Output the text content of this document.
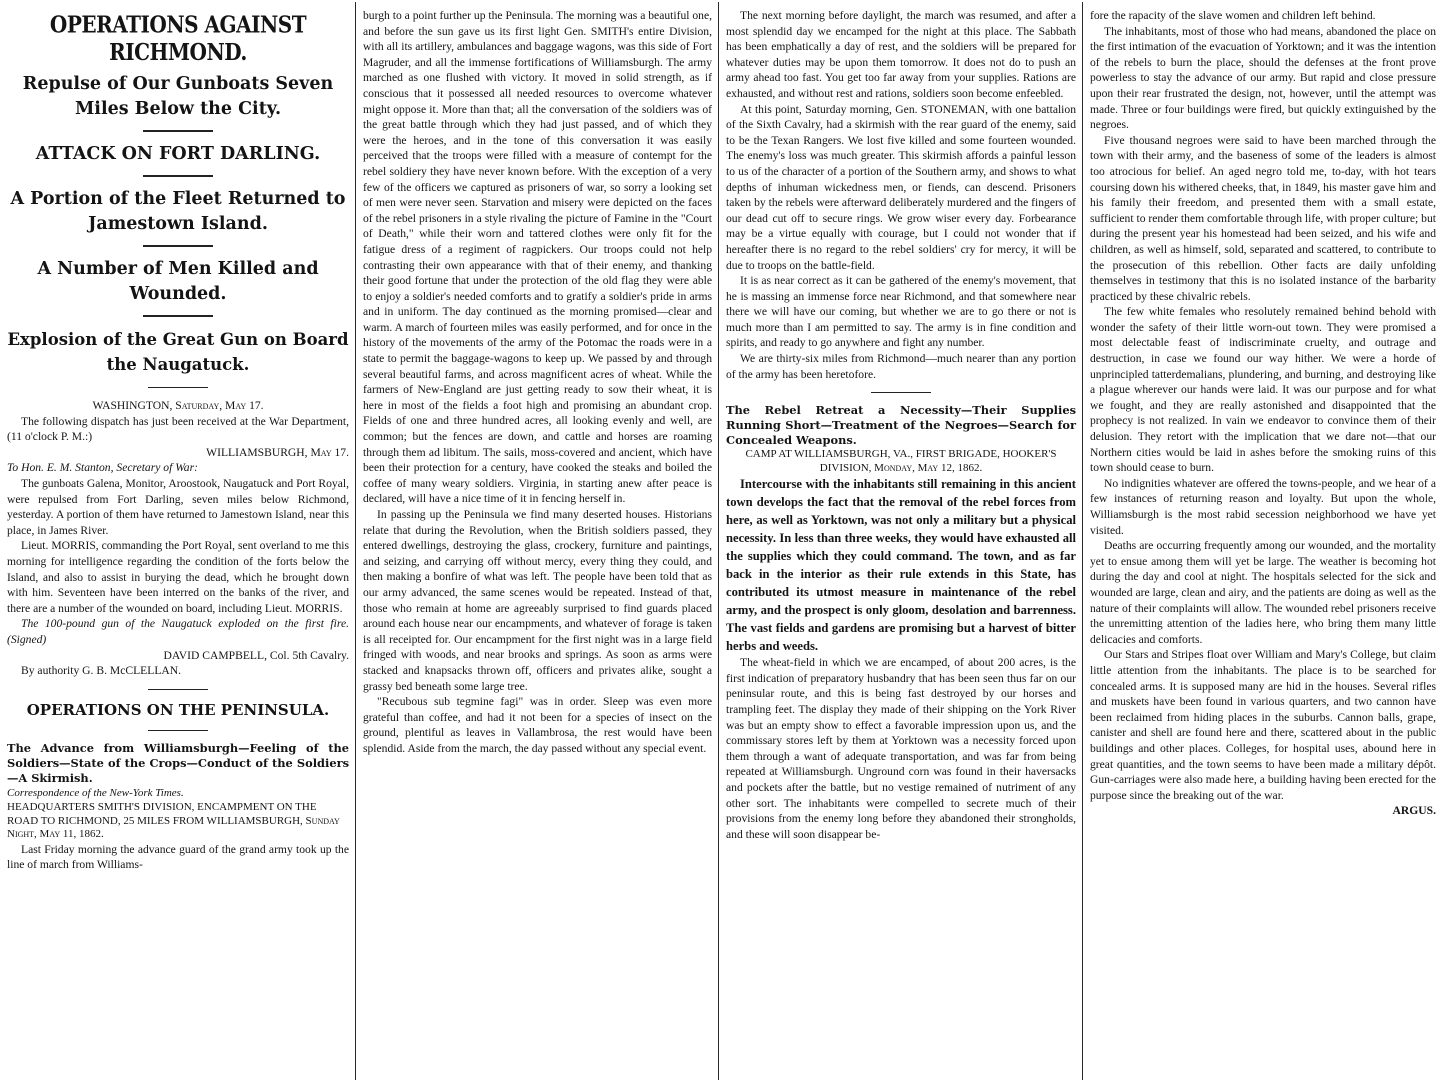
OPERATIONS AGAINST RICHMOND.
Repulse of Our Gunboats Seven Miles Below the City.
ATTACK ON FORT DARLING.
A Portion of the Fleet Returned to Jamestown Island.
A Number of Men Killed and Wounded.
Explosion of the Great Gun on Board the Naugatuck.

WASHINGTON, Saturday, May 17.

The following dispatch has just been received at the War Department, (11 o'clock P. M.:)

WILLIAMSBURGH, May 17.

To Hon. E. M. Stanton, Secretary of War:

The gunboats Galena, Monitor, Aroostook, Naugatuck and Port Royal, were repulsed from Fort Darling, seven miles below Richmond, yesterday. A portion of them have returned to Jamestown Island, near this place, in James River.

Lieut. MORRIS, commanding the Port Royal, sent overland to me this morning for intelligence regarding the condition of the forts below the Island, and also to assist in burying the dead, which he brought down with him. Seventeen have been interred on the banks of the river, and there are a number of the wounded on board, including Lieut. MORRIS.

The 100-pound gun of the Naugatuck exploded on the first fire. (Signed)

DAVID CAMPBELL, Col. 5th Cavalry.

By authority G. B. McCLELLAN.

OPERATIONS ON THE PENINSULA.

The Advance from Williamsburgh—Feeling of the Soldiers—State of the Crops—Conduct of the Soldiers—A Skirmish.

Correspondence of the New-York Times.

HEADQUARTERS SMITH'S DIVISION, ENCAMPMENT ON THE ROAD TO RICHMOND, 25 MILES FROM WILLIAMSBURGH, Sunday Night, May 11, 1862.

Last Friday morning the advance guard of the grand army took up the line of march from Williams-

burgh to a point further up the Peninsula. The morning was a beautiful one, and before the sun gave us its first light Gen. SMITH's entire Division, with all its artillery, ambulances and baggage wagons, was this side of Fort Magruder, and all the immense fortifications of Williamsburgh. The army marched as one flushed with victory. It moved in solid strength, as if conscious that it possessed all needed resources to overcome whatever might oppose it. More than that; all the conversation of the soldiers was of the great battle through which they had just passed, and of which they were the heroes, and in the tone of this conversation it was easily perceived that the troops were filled with a measure of contempt for the rebel soldiery they have never known before. With the exception of a very few of the officers we captured as prisoners of war, so sorry a looking set of men were never seen. Starvation and misery were depicted on the faces of the rebel prisoners in a style rivaling the picture of Famine in the "Court of Death," while their worn and tattered clothes were only fit for the fatigue dress of a regiment of ragpickers. Our troops could not help contrasting their own appearance with that of their enemy, and thanking their good fortune that under the protection of the old flag they were able to enjoy a soldier's needed comforts and to gratify a soldier's pride in arms and in uniform. The day continued as the morning promised—clear and warm. A march of fourteen miles was easily performed, and for once in the history of the movements of the army of the Potomac the roads were in a state to permit the baggage-wagons to keep up. We passed by and through several beautiful farms, and across magnificent acres of wheat. While the farmers of New-England are just getting ready to sow their wheat, it is here in most of the fields a foot high and promising an abundant crop. Fields of one and three hundred acres, all looking evenly and well, are common; but the fences are down, and cattle and horses are roaming through them ad libitum. The sails, moss-covered and ancient, which have been their protection for a century, have cooked the steaks and boiled the coffee of many weary soldiers. Virginia, in starting anew after peace is declared, will have a nice time of it in fencing herself in.

In passing up the Peninsula we find many deserted houses. Historians relate that during the Revolution, when the British soldiers passed, they entered dwellings, destroying the glass, crockery, furniture and paintings, and seizing, and carrying off without mercy, every thing they could, and then making a bonfire of what was left. The people have been told that as our army advanced, the same scenes would be repeated. Instead of that, those who remain at home are agreeably surprised to find guards placed around each house near our encampments, and whatever of forage is taken is all receipted for. Our encampment for the first night was in a large field fringed with woods, and near brooks and springs. As soon as arms were stacked and knapsacks thrown off, officers and privates alike, sought a grassy bed beneath some large tree.

"Recubous sub tegmine fagi" was in order. Sleep was even more grateful than coffee, and had it not been for a species of insect on the ground, plentiful as leaves in Vallambrosa, the rest would have been splendid. Aside from the march, the day passed without any special event.

The next morning before daylight, the march was resumed, and after a most splendid day we encamped for the night at this place. The Sabbath has been emphatically a day of rest, and the soldiers will be prepared for whatever duties may be upon them tomorrow. It does not do to push an army ahead too fast. You get too far away from your supplies. Rations are exhausted, and without rest and rations, soldiers soon become enfeebled.

At this point, Saturday morning, Gen. STONEMAN, with one battalion of the Sixth Cavalry, had a skirmish with the rear guard of the enemy, said to be the Texan Rangers. We lost five killed and some fourteen wounded. The enemy's loss was much greater. This skirmish affords a painful lesson to us of the character of a portion of the Southern army, and shows to what depths of inhuman wickedness men, or fiends, can descend. Prisoners taken by the rebels were afterward deliberately murdered and the fingers of our dead cut off to secure rings. We grow wiser every day. Forbearance may be a virtue equally with courage, but I could not wonder that if hereafter there is no regard to the rebel soldiers' cry for mercy, it will be due to troops on the battle-field.

It is as near correct as it can be gathered of the enemy's movement, that he is massing an immense force near Richmond, and that somewhere near there we will have our coming, but whether we are to go there or not is much more than I am permitted to say. The army is in fine condition and spirits, and ready to go anywhere and fight any number.

We are thirty-six miles from Richmond—much nearer than any portion of the army has been heretofore.

The Rebel Retreat a Necessity—Their Supplies Running Short—Treatment of the Negroes—Search for Concealed Weapons.

CAMP AT WILLIAMSBURGH, VA., FIRST BRIGADE, HOOKER'S DIVISION, Monday, May 12, 1862.

Intercourse with the inhabitants still remaining in this ancient town develops the fact that the removal of the rebel forces from here, as well as Yorktown, was not only a military but a physical necessity. In less than three weeks, they would have exhausted all the supplies which they could command. The town, and as far back in the interior as their rule extends in this State, has contributed its utmost measure in maintenance of the rebel army, and the prospect is only gloom, desolation and barrenness. The vast fields and gardens are promising but a harvest of bitter herbs and weeds.

The wheat-field in which we are encamped, of about 200 acres, is the first indication of preparatory husbandry that has been seen thus far on our peninsular route, and this is being fast destroyed by our horses and trampling feet. The display they made of their shipping on the York River was but an empty show to effect a favorable impression upon us, and the commissary stores left by them at Yorktown was a necessity forced upon them through a want of adequate transportation, and was far from being repeated at Williamsburgh. Unground corn was found in their haversacks and pockets after the battle, but no vestige remained of nutriment of any other sort. The inhabitants were compelled to secrete much of their provisions from the enemy long before they abandoned their strongholds, and these will soon disappear be-

fore the rapacity of the slave women and children left behind.

The inhabitants, most of those who had means, abandoned the place on the first intimation of the evacuation of Yorktown; and it was the intention of the rebels to burn the place, should the defenses at the front prove powerless to stay the advance of our army. But rapid and close pressure upon their rear frustrated the design, not, however, until the attempt was made. Three or four buildings were fired, but quickly extinguished by the negroes.

Five thousand negroes were said to have been marched through the town with their army, and the baseness of some of the leaders is almost too atrocious for belief. An aged negro told me, to-day, with hot tears coursing down his withered cheeks, that, in 1849, his master gave him and his family their freedom, and presented them with a small estate, sufficient to render them comfortable through life, with proper culture; but during the present year his homestead had been seized, and his wife and children, as well as himself, sold, separated and scattered, to contribute to the prosecution of this rebellion. Other facts are daily unfolding themselves in testimony that this is no isolated instance of the barbarity practiced by these chivalric rebels.

The few white females who resolutely remained behind behold with wonder the safety of their little worn-out town. They were promised a most delectable feast of indiscriminate cruelty, and outrage and destruction, in case we found our way hither. We were a horde of unprincipled tatterdemalians, plundering, and burning, and destroying like a plague wherever our hands were laid. It was our purpose and for what we fought, and they are really astonished and disappointed that the prophecy is not realized. In vain we endeavor to convince them of their delusion. They retort with the implication that we dare not—that our Northern cities would be laid in ashes before the smoking ruins of this town should cease to burn.

No indignities whatever are offered the towns-people, and we hear of a few instances of returning reason and loyalty. But upon the whole, Williamsburgh is the most rabid secession neighborhood we have yet visited.

Deaths are occurring frequently among our wounded, and the mortality yet to ensue among them will yet be large. The weather is becoming hot during the day and cool at night. The hospitals selected for the sick and wounded are large, clean and airy, and the patients are doing as well as the nature of their complaints will allow. The wounded rebel prisoners receive the unremitting attention of the ladies here, who bring them many little delicacies and comforts.

Our Stars and Stripes float over William and Mary's College, but claim little attention from the inhabitants. The place is to be searched for concealed arms. It is supposed many are hid in the houses. Several rifles and muskets have been found in various quarters, and two cannon have been reclaimed from hiding places in the suburbs. Cannon balls, grape, canister and shell are found here and there, scattered about in the public buildings and other places. Colleges, for hospital uses, abound here in great quantities, and the town seems to have been made a military dépôt. Gun-carriages were also made here, a building having been erected for the purpose since the breaking out of the war.

ARGUS.
